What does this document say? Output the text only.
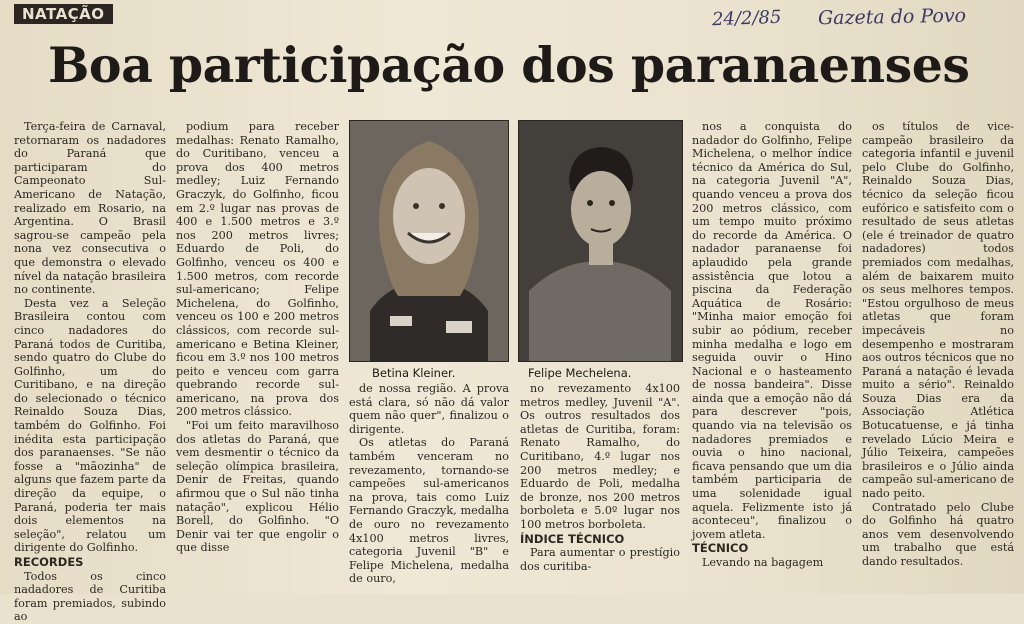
NATAÇÃO	24/2/85 Gazeta do Povo
Boa participação dos paranaenses

Terça-feira de Carnaval, retornaram os nadadores do Paraná que participaram do Campeonato Sul-Americano de Natação, realizado em Rosario, na Argentina. O Brasil sagrou-se campeão pela nona vez consecutiva o que demonstra o elevado nível da natação brasileira no continente.

Desta vez a Seleção Brasileira contou com cinco nadadores do Paraná todos de Curitiba, sendo quatro do Clube do Golfinho, um do Curitibano, e na direção do selecionado o técnico Reinaldo Souza Dias, também do Golfinho. Foi inédita esta participação dos paranaenses. "Se não fosse a "mãozinha" de alguns que fazem parte da direção da equipe, o Paraná, poderia ter mais dois elementos na seleção", relatou um dirigente do Golfinho.

RECORDES

Todos os cinco nadadores de Curitiba foram premiados, subindo ao

podium para receber medalhas: Renato Ramalho, do Curitibano, venceu a prova dos 400 metros medley; Luiz Fernando Graczyk, do Golfinho, ficou em 2.º lugar nas provas de 400 e 1.500 metros e 3.º nos 200 metros livres; Eduardo de Poli, do Golfinho, venceu os 400 e 1.500 metros, com recorde sul-americano; Felipe Michelena, do Golfinho, venceu os 100 e 200 metros clássicos, com recorde sul-americano e Betina Kleiner, ficou em 3.º nos 100 metros peito e venceu com garra quebrando recorde sul-americano, na prova dos 200 metros clássico.

"Foi um feito maravilhoso dos atletas do Paraná, que vem desmentir o técnico da seleção olímpica brasileira, Denir de Freitas, quando afirmou que o Sul não tinha natação", explicou Hélio Borell, do Golfinho. "O Denir vai ter que engolir o que disse

Betina Kleiner.	Felipe Mechelena.

de nossa região. A prova está clara, só não dá valor quem não quer", finalizou o dirigente.

Os atletas do Paraná também venceram no revezamento, tornando-se campeões sul-americanos na prova, tais como Luiz Fernando Graczyk, medalha de ouro no revezamento 4x100 metros livres, categoria Juvenil "B" e Felipe Michelena, medalha de ouro,

no revezamento 4x100 metros medley, Juvenil "A". Os outros resultados dos atletas de Curitiba, foram: Renato Ramalho, do Curitibano, 4.º lugar nos 200 metros medley; e Eduardo de Poli, medalha de bronze, nos 200 metros borboleta e 5.0º lugar nos 100 metros borboleta.

ÍNDICE TÉCNICO

Para aumentar o prestígio dos curitiba-

nos a conquista do nadador do Golfinho, Felipe Michelena, o melhor índice técnico da América do Sul, na categoria Juvenil "A", quando venceu a prova dos 200 metros clássico, com um tempo muito próximo do recorde da América. O nadador paranaense foi aplaudido pela grande assistência que lotou a piscina da Federação Aquática de Rosário: "Minha maior emoção foi subir ao pódium, receber minha medalha e logo em seguida ouvir o Hino Nacional e o hasteamento de nossa bandeira". Disse ainda que a emoção não dá para descrever "pois, quando via na televisão os nadadores premiados e ouvia o hino nacional, ficava pensando que um dia também participaria de uma solenidade igual aquela. Felizmente isto já aconteceu", finalizou o jovem atleta.

TÉCNICO

Levando na bagagem

os títulos de vice-campeão brasileiro da categoria infantil e juvenil pelo Clube do Golfinho, Reinaldo Souza Dias, técnico da seleção ficou eufórico e satisfeito com o resultado de seus atletas (ele é treinador de quatro nadadores) todos premiados com medalhas, além de baixarem muito os seus melhores tempos. "Estou orgulhoso de meus atletas que foram impecáveis no desempenho e mostraram aos outros técnicos que no Paraná a natação é levada muito a sério". Reinaldo Souza Dias era da Associação Atlética Botucatuense, e já tinha revelado Lúcio Meira e Júlio Teixeira, campeões brasileiros e o Júlio ainda campeão sul-americano de nado peito.

Contratado pelo Clube do Golfinho há quatro anos vem desenvolvendo um trabalho que está dando resultados.
